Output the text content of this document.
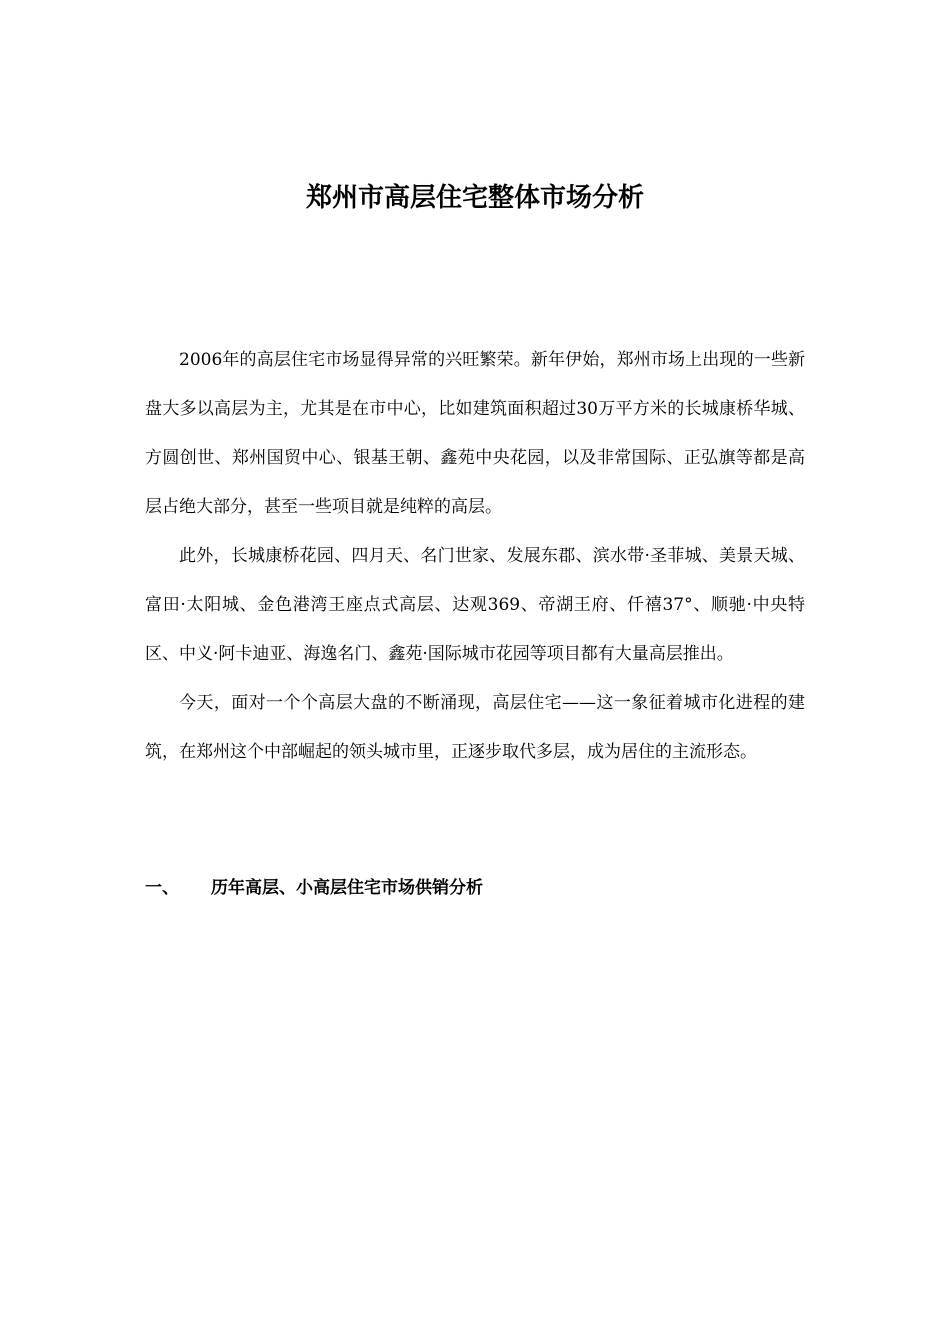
郑州市高层住宅整体市场分析

2006年的高层住宅市场显得异常的兴旺繁荣。新年伊始，郑州市场上出现的一些新盘大多以高层为主，尤其是在市中心，比如建筑面积超过30万平方米的长城康桥华城、方圆创世、郑州国贸中心、银基王朝、鑫苑中央花园，以及非常国际、正弘旗等都是高层占绝大部分，甚至一些项目就是纯粹的高层。

此外，长城康桥花园、四月天、名门世家、发展东郡、滨水带·圣菲城、美景天城、富田·太阳城、金色港湾王座点式高层、达观369、帝湖王府、仟禧37°、顺驰·中央特区、中义·阿卡迪亚、海逸名门、鑫苑·国际城市花园等项目都有大量高层推出。

今天，面对一个个高层大盘的不断涌现，高层住宅——这一象征着城市化进程的建筑，在郑州这个中部崛起的领头城市里，正逐步取代多层，成为居住的主流形态。

一、 历年高层、小高层住宅市场供销分析
